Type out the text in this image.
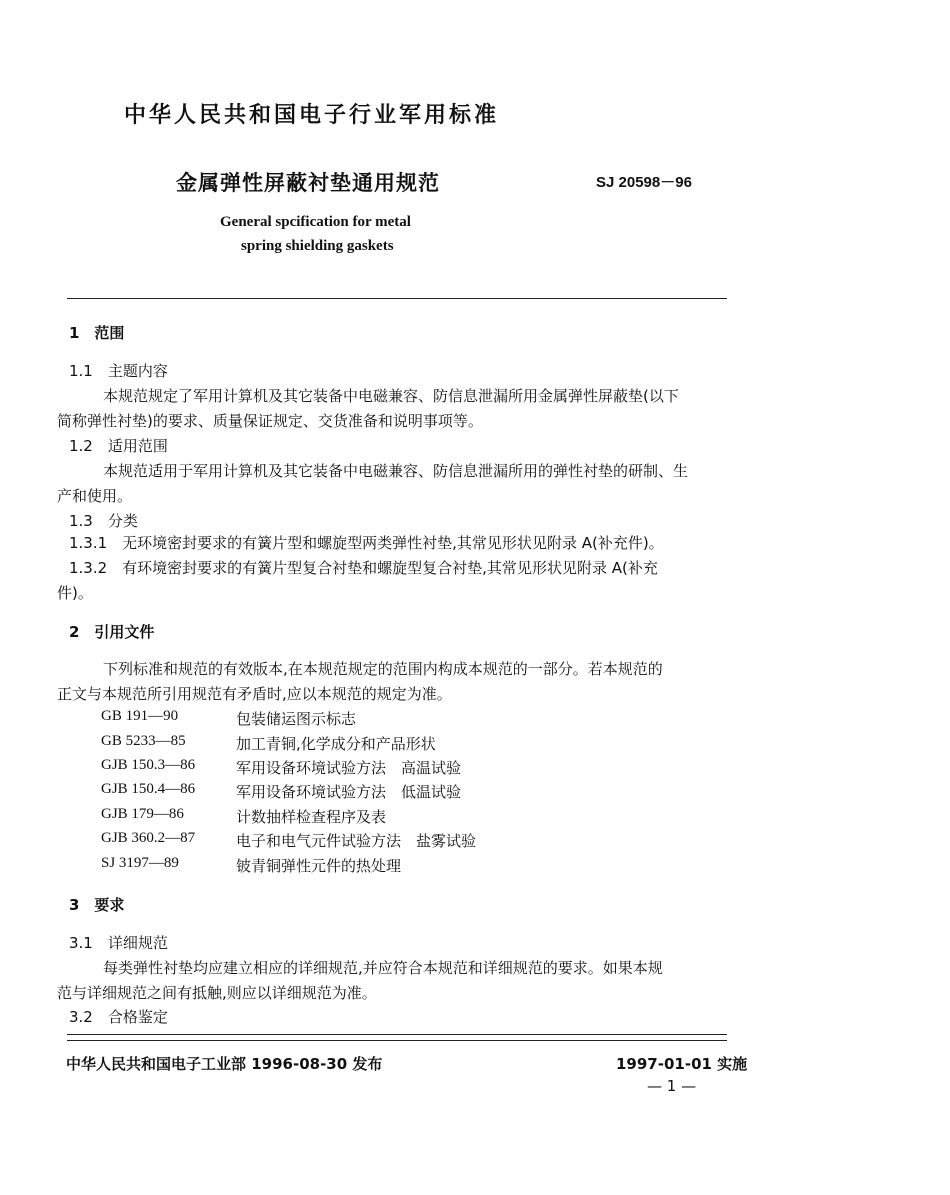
中华人民共和国电子行业军用标准
金属弹性屏蔽衬垫通用规范	SJ 20598－96
General spcification for metal
spring shielding gaskets
1　范围
1.1　主题内容
本规范规定了军用计算机及其它装备中电磁兼容、防信息泄漏所用金属弹性屏蔽垫(以下
简称弹性衬垫)的要求、质量保证规定、交货准备和说明事项等。
1.2　适用范围
本规范适用于军用计算机及其它装备中电磁兼容、防信息泄漏所用的弹性衬垫的研制、生
产和使用。
1.3　分类
1.3.1　无环境密封要求的有簧片型和螺旋型两类弹性衬垫,其常见形状见附录 A(补充件)。
1.3.2　有环境密封要求的有簧片型复合衬垫和螺旋型复合衬垫,其常见形状见附录 A(补充
件)。
2　引用文件
下列标准和规范的有效版本,在本规范规定的范围内构成本规范的一部分。若本规范的
正文与本规范所引用规范有矛盾时,应以本规范的规定为准。
GB 191—90	包装储运图示标志
GB 5233—85	加工青铜,化学成分和产品形状
GJB 150.3—86	军用设备环境试验方法　高温试验
GJB 150.4—86	军用设备环境试验方法　低温试验
GJB 179—86	计数抽样检查程序及表
GJB 360.2—87	电子和电气元件试验方法　盐雾试验
SJ 3197—89	铍青铜弹性元件的热处理
3　要求
3.1　详细规范
每类弹性衬垫均应建立相应的详细规范,并应符合本规范和详细规范的要求。如果本规
范与详细规范之间有抵触,则应以详细规范为准。
3.2　合格鉴定
中华人民共和国电子工业部 1996-08-30 发布	1997-01-01 实施
— 1 —
